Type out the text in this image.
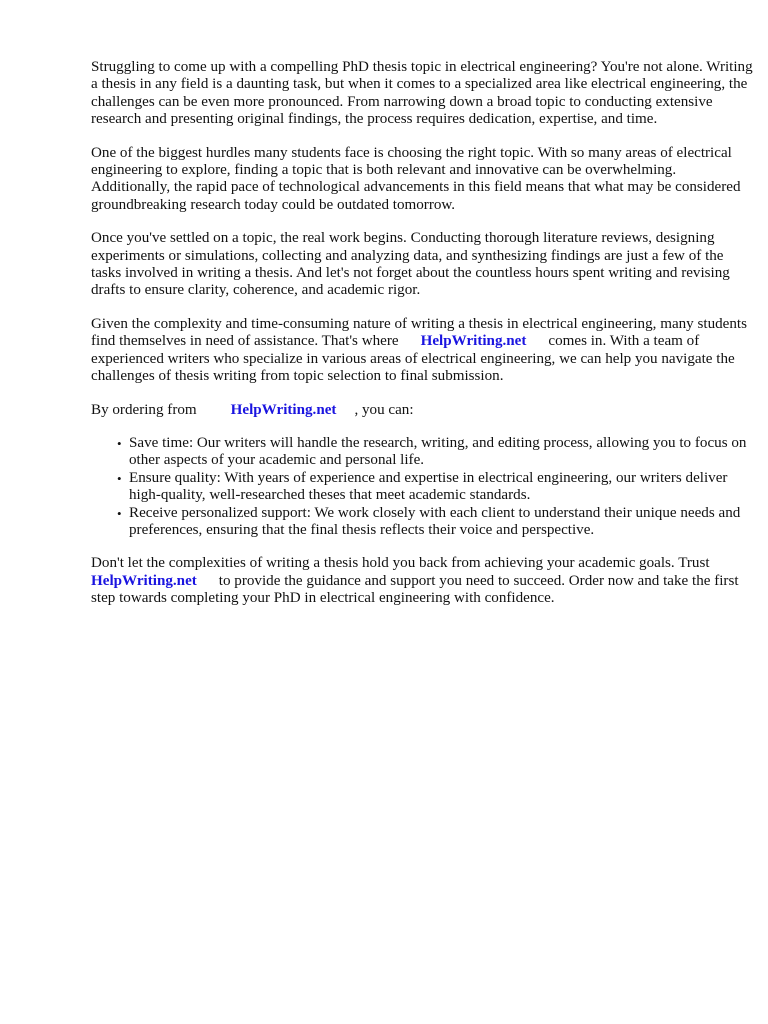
Struggling to come up with a compelling PhD thesis topic in electrical engineering? You're not alone. Writing a thesis in any field is a daunting task, but when it comes to a specialized area like electrical engineering, the challenges can be even more pronounced. From narrowing down a broad topic to conducting extensive research and presenting original findings, the process requires dedication, expertise, and time.

One of the biggest hurdles many students face is choosing the right topic. With so many areas of electrical engineering to explore, finding a topic that is both relevant and innovative can be overwhelming. Additionally, the rapid pace of technological advancements in this field means that what may be considered groundbreaking research today could be outdated tomorrow.

Once you've settled on a topic, the real work begins. Conducting thorough literature reviews, designing experiments or simulations, collecting and analyzing data, and synthesizing findings are just a few of the tasks involved in writing a thesis. And let's not forget about the countless hours spent writing and revising drafts to ensure clarity, coherence, and academic rigor.

Given the complexity and time-consuming nature of writing a thesis in electrical engineering, many students find themselves in need of assistance. That's where HelpWriting.net comes in. With a team of experienced writers who specialize in various areas of electrical engineering, we can help you navigate the challenges of thesis writing from topic selection to final submission.

By ordering from HelpWriting.net , you can:

• Save time: Our writers will handle the research, writing, and editing process, allowing you to focus on other aspects of your academic and personal life.
• Ensure quality: With years of experience and expertise in electrical engineering, our writers deliver high-quality, well-researched theses that meet academic standards.
• Receive personalized support: We work closely with each client to understand their unique needs and preferences, ensuring that the final thesis reflects their voice and perspective.

Don't let the complexities of writing a thesis hold you back from achieving your academic goals. TrustHelpWriting.net to provide the guidance and support you need to succeed. Order now and take the first step towards completing your PhD in electrical engineering with confidence.
